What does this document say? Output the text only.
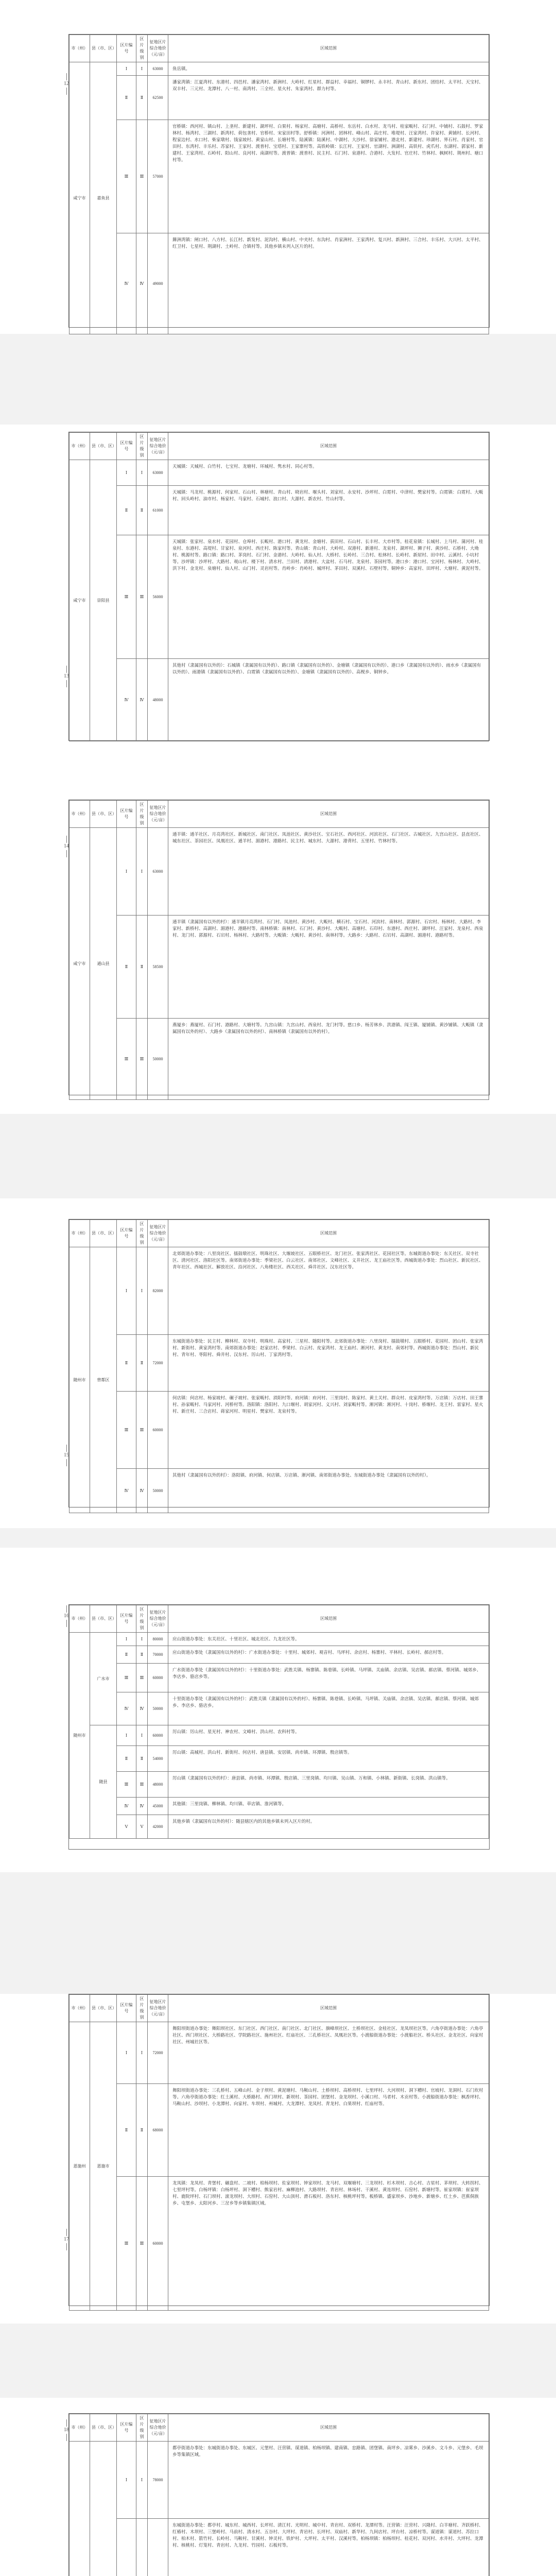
12
市（州）	县（市、区）	区片编号	区片级别	征地区片综合地价（元/亩）	区域范围
咸宁市	嘉鱼县	Ⅰ	Ⅰ	63000	鱼岳镇。
		Ⅱ	Ⅱ	62500	潘家湾镇：江夏湾村、东港村、四邑村、潘家湾村、新洲村、大岭村、红星村、群益村、幸福村、铜锣村、永丰村、青山村、新东村、团结村、太平村、天宝村、双丰村、三元村、龙潭村、八一村、南湾村、三全村、星火村、朱家湾村、群力村等。
		Ⅲ	Ⅲ	57000	官桥镇：西河村、镇山村、上垄村、新建村、湖坪村、白果村、杨家村、高塘村、高桥村、东岳村、白水村、龙马村、桂家畈村、石门村、中铺村、石鼓村、罗家林村、杨湾村、三湖村、新湾村、荷包垄村、官桥村、宋家田村等。舒桥镇：河洲村、团林村、峰山村、高庄村、堆堤村、汪家湾村、许家村、黄铺村、长河村、程家边村、水口村、柴家墩村、钱家坡村、黄家山村、长塘村等。陆溪镇：陆溪村、中湖村、大沙村、徐家铺村、港北村、新建村、珍湖村、界石村、肖家村、官田村、东湾村、丰乐村、苏家村、王家村、渡普村、宝塔村、王家寨村等。高铁岭镇：长江村、王家村、官湖村、洲湖村、高铁村、虎爪村、东湖村、郭家村、新建村、王家湾村、石岭村、阳山村、良河村、南湖村等。渡普镇：渡普村、民主村、石门村、泉港村、合港村、大发村、官庄村、竹林村、枫树村、荆州村、塘口村等。
		Ⅳ	Ⅳ	49000	簰洲湾镇：闸口村、八方村、长江村、新发村、泥沟村、横山村、中夹村、东沟村、肖家洲村、王家湾村、复兴村、新洲村、三合村、丰乐村、大兴村、太平村、红卫村、七星村、荆湖村、土岭村、合镇村等。其他乡镇未列入区片的村。
13
市（州）	县（市、区）	区片编号	区片级别	征地区片综合地价（元/亩）	区域范围
咸宁市	崇阳县	Ⅰ	Ⅰ	63000	天城镇：天城村、白竹村、七宝村、龙塘村、环城村、隽水村、同心村等。
		Ⅱ	Ⅱ	61000	天城镇：马龙村、桃源村、何家村、石山村、林塘村、青山村、晓岩村、堰头村、刘家村、永安村、沙坪村、白霓村、中津村、樊家村等。白霓镇：白霓村、大畈村、回头岭村、油市村、杨家村、马家村、石城村、浪口村、大源村、新农村、竹山村等。
		Ⅲ	Ⅲ	56000	天城镇：张家村、泉水村、花园村、仓埠村、长畈村、港口村、黄龙村、金塘村、荻田村、石山村、长丰村、大市村等。桂花泉镇：长城村、上马村、蒲河村、桂泉村、东港村、高堤村、甘家村、泉河村、西庄村、陈家村等。青山镇：青山村、大岭村、双港村、新港村、龙泉村、湖坪村、狮子村、黄沙村、石桥村、大坳村、桃源村等。路口镇：路口村、茅岗村、石门村、金港村、大岭村、仙人村、大桥村、长岭村、三合村、松林村、长岭村、新屋村、田中村、云溪村、小坑村等。沙坪镇：沙坪村、大路村、观山村、楼下村、清水村、兰田村、清港村、大盆村、石马村、龙泉村、茶园村等。港口乡：港口村、宝河村、杨林村、大岭村、洪下村、金龙村、泉塘村、仙人村、山门村、灵岩村等。肖岭乡：肖岭村、城坪村、茅田村、双溪村、石壁村等。铜钟乡：高家村、田坪村、大塘村、黄泥村等。
		Ⅳ	Ⅳ	48000	其他村（隶属国有以外的）：石城镇（隶属国有以外的）、路口镇（隶属国有以外的）、金塘镇（隶属国有以外的）、港口乡（隶属国有以外的）、雨水乡（隶属国有以外的）、雨港镇（隶属国有以外的）、白霓镇（隶属国有以外的）、金塘镇（隶属国有以外的）、高枧乡、铜钟乡。
14
市（州）	县（市、区）	区片编号	区片级别	征地区片综合地价（元/亩）	区域范围
咸宁市	通山县	Ⅰ	Ⅰ	63000	通羊镇：通羊社区、月亮湾社区、新城社区、南门社区、凤池社区、黄沙社区、宝石社区、西河社区、河滨社区、石门社区、古城社区、九宫山社区、县直社区、城东社区、茶园社区、凤凰社区、通羊村、湄港村、港路村、民主村、城东村、大源村、港背村、五里村、竹林村等。
		Ⅱ	Ⅱ	58500	通羊镇（隶属国有以外的村）：通羊镇月亮湾村、石门村、凤池村、黄沙村、大畈村、横石村、宝石村、河滨村、南林村、郭源村、石宕村、杨林村、大路村、李家村、新桥村、高湖村、湄港村、港路村等。南林桥镇：南林村、石门村、黄沙村、大畈村、高塘村、石印村、东港村、西庄村、湖坪村、汪家村、龙泉村、西泉村、龙门村、郭源村、石宕村、杨林村、大路村等。大畈镇：大畈村、黄沙村、南林村等。大路乡：大路村、石宕村、高湖村、湄港村、港路村等。
		Ⅲ	Ⅲ	50000	燕厦乡：燕厦村、石门村、港路村、大塘村等。九宫山镇：九宫山村、西泉村、龙门村等。慈口乡、杨芳林乡、洪港镇、闯王镇、厦铺镇、黄沙铺镇、大畈镇（隶属国有以外的村）、大路乡（隶属国有以外的村）、南林桥镇（隶属国有以外的村）。
15
市（州）	县（市、区）	区片编号	区片级别	征地区片综合地价（元/亩）	区域范围
随州市	曾都区	Ⅰ	Ⅰ	82000	北郊街道办事处：八里岗社区、擂鼓墩社区、明珠社区、大堰坡社区、五眼桥社区、龙门社区、张家湾社区、花园社区等。东城街道办事处：东关社区、双寺社区、清河社区、洛阳社区等。南郊街道办事处：季梁社区、白云社区、南郊社区、文峰社区、义井社区、龙王庙社区等。西城街道办事处：烈山社区、新民社区、青年社区、西城社区、解放社区、沿河社区、八角楼社区、西关社区、舜井社区、汉东社区等。
		Ⅱ	Ⅱ	72000	东城街道办事处：民主村、柳林村、双寺村、明珠村、高家村、三星村、随阳村等。北郊街道办事处：八里岗村、擂鼓墩村、五眼桥村、花园村、团山村、张家湾村、新街村、黄家湾村等。南郊街道办事处：赵家店村、季梁村、白云村、皮家湾村、龙王庙村、淅河村、黄龙村、南郊村等。西城街道办事处：烈山村、新民村、青年村、枣阳村、舜井村、汉东村、厉山村、丁家湾村等。
		Ⅲ	Ⅲ	60000	何店镇：何店村、杨家坡村、碾子坡村、张家畈村、涢阳村等。府河镇：府河村、三里岗村、陈家村、黄土关村、群众村、皮家湾村等。万店镇：万店村、田王寨村、孙家畈村、马家河村、河桥村等。洛阳镇：洛阳村、九口堰村、胡家河村、义兴村、刘家畈村等。淅河镇：淅河村、十岗村、桥堰村、龙王村、雷家村、星火村、新庄村、三合店村、蒋家河村、明星村、樊家村、龙泉村等。
		Ⅳ	Ⅳ	50000	其他村（隶属国有以外的村）：洛阳镇、府河镇、何店镇、万店镇、淅河镇、南郊街道办事处、东城街道办事处（隶属国有以外的村）。
16 市（州）	县（市、区）	区片编号	区片级别	征地区片综合地价（元/亩）	区域范围
随州市	广水市	Ⅰ	Ⅰ	80000	应山街道办事处：东关社区、十里社区、城北社区、九龙社区等。
		Ⅱ	Ⅱ	70000	应山街道办事处（隶属国有以外的村）：广水街道办事处：十里村、城郊村、观音村、马坪村、余店村、杨寨村、平林村、长岭村、郝店村等。
		Ⅲ	Ⅲ	60000	广水街道办事处（隶属国有以外的村）：十里街道办事处：武胜关镇、杨寨镇、陈巷镇、长岭镇、马坪镇、关庙镇、余店镇、吴店镇、郝店镇、蔡河镇、城郊乡、李店乡、骆店乡等。
		Ⅳ	Ⅳ	50000	十里街道办事处（隶属国有以外的村）：武胜关镇（隶属国有以外的村）、杨寨镇、陈巷镇、长岭镇、马坪镇、关庙镇、余店镇、吴店镇、郝店镇、蔡河镇、城郊乡、李店乡、骆店乡。
	随县	Ⅰ	Ⅰ	60000	厉山镇：厉山村、星光村、神农村、文峰村、洪山村、农科村等。
		Ⅱ	Ⅱ	54000	厉山镇：高城村、洪山村、新街村、何店村、唐县镇、安居镇、尚市镇、环潭镇、殷店镇等。
		Ⅲ	Ⅲ	48000	厉山镇（隶属国有以外的村）：唐县镇、尚市镇、环潭镇、殷店镇、三里岗镇、均川镇、吴山镇、万和镇、小林镇、新街镇、长岗镇、洪山镇等。
		Ⅳ	Ⅳ	45000	其他镇：三里岗镇、柳林镇、均川镇、草店镇、淮河镇等。
		Ⅴ	Ⅴ	42000	其他乡镇（隶属国有以外的村）：随县辖区内的其他乡镇未列入区片的村。
17
市（州）	县（市、区）	区片编号	区片级别	征地区片综合地价（元/亩）	区域范围
恩施州	恩施市	Ⅰ	Ⅰ	72000	舞阳坝街道办事处：舞阳坝社区、东门社区、西门社区、南门社区、北门社区、旗峰坝社区、土桥坝社区、金桂社区、龙凤坝社区等。六角亭街道办事处：六角亭社区、西门坝社区、大桥路社区、学院路社区、施州社区、红庙社区、三孔桥社区、凤凰社区等。小渡船街道办事处：小渡船社区、桥头社区、金龙社区、向家村社区、州城社区等。
		Ⅱ	Ⅱ	68000	舞阳坝街道办事处：三孔桥村、五峰山村、金子坝村、黄泥塘村、马鞍山村、土桥坝村、高桥坝村、七里坪村、大河坝村、洞下槽村、官坡村、龙洞村、石门坎村等。六角亭街道办事处：红土溪村、大桥路村、西门坝村、新坝村、茶园村、团堡村、金龙坝村、小溪口村、马者村、木贡村等。小渡船街道办事处：枫香坪村、马鞍山村、沙坝村、小龙潭村、向家村、车坝村、州城村、大龙潭村、龙凤村、青龙村、白果坝村、红庙村等。
		Ⅲ	Ⅲ	60000	龙凤镇：龙凤村、青堡村、碾盘村、二坡村、柏杨坝村、佐家坝村、钟家坝村、龙马村、双堰塘村、三龙坝村、杉木坝村、吉心村、吉星村、茅坝村、大转拐村、七里坪村等。白杨坪镇：白杨坪村、洞下槽村、熊家岩村、麻柳池村、大路坝村、青岩村、林场村、干溪村、黄连坝村、石窑村、新塘村等。崔家坝镇：崔家坝村、鹿院坪村、石门坝村、滚龙坝村、大坝村、石窑村、大山顶村、滑石板村、洛东村、核桃坪村等。板桥镇、盛家坝乡、沙地乡、新塘乡、红土乡、芭蕉侗族乡、屯堡乡、太阳河乡、三岔乡等乡镇集镇区域。
18 市（州）	县（市、区）	区片编号	区片级别	征地区片综合地价（元/亩）	区域范围
		Ⅰ	Ⅰ	78000	都亭街道办事处：东城街道办事处、东城区、元堡村、汪营镇、谋道镇、柏杨坝镇、建南镇、忠路镇、团堡镇、南坪乡、凉雾乡、沙溪乡、文斗乡、元堡乡、毛坝乡等集镇区域。
			东城街道办事处：都亭村、城东村、城西村、长坪村、清江村、光明村、城中村、青岩村、双桥村、龙潭村等。汪营镇：汪营村、兴隆村、白羊塘村、齐跃桥村、红椿村、木坝村、三堡岭村、马前村、清水村、五谷村、大坪村、青岩村、长坪村、双庙村、新华村、九间店村、坪台村、凉桥村等。谋道镇：谋道村、苏拉口村、柏木村、箭竹村、长岭村、马鞍村、甘溪村、钟灵村、铁炉村、大坪村、太平村、汉溪村等。柏杨坝镇：柏杨坝村、桂花村、双河村、水井村、大坪村、龙潭村、核桃村、灯笼村、青岩村、九龙村、竹园村、石板村等。
